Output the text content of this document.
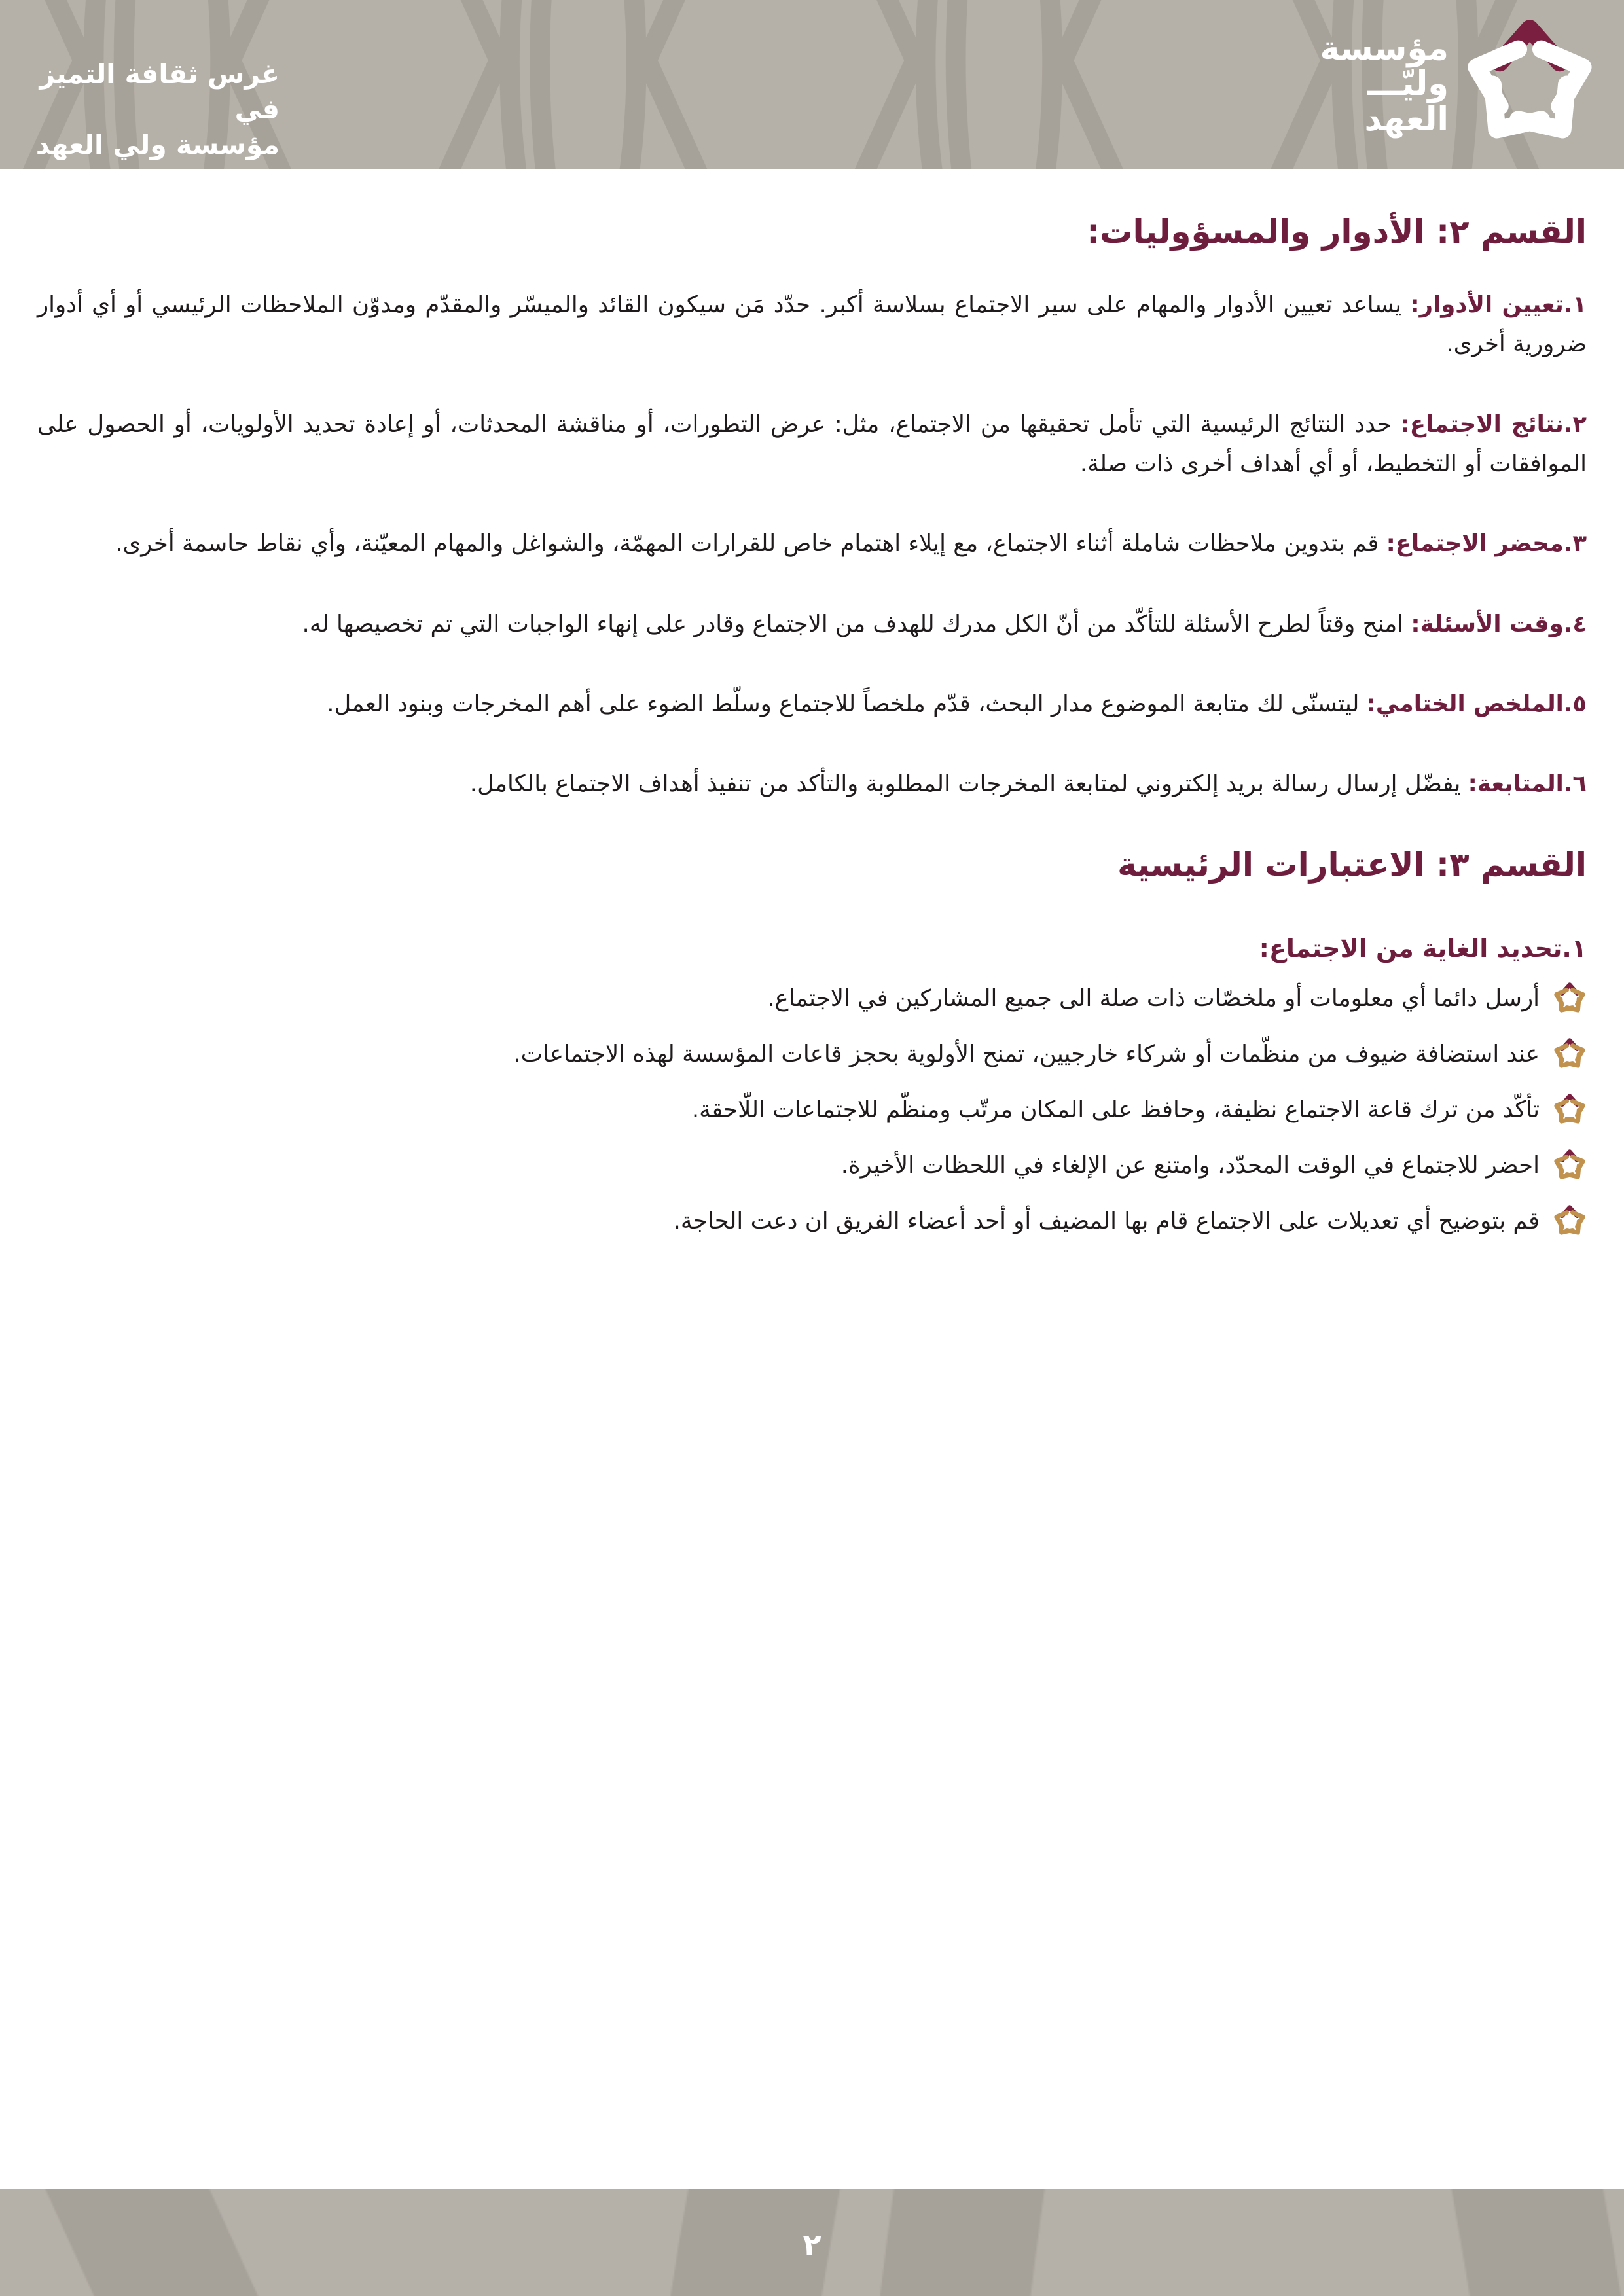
غرس ثقافة التميز في
مؤسسة ولي العهد
مؤسسة
وليّـــ
العهد
القسم ٢: الأدوار والمسؤوليات:

١.تعيين الأدوار: يساعد تعيين الأدوار والمهام على سير الاجتماع بسلاسة أكبر. حدّد مَن سيكون القائد والميسّر والمقدّم ومدوّن الملاحظات الرئيسي أو أي أدوار ضرورية أخرى.

٢.نتائج الاجتماع: حدد النتائج الرئيسية التي تأمل تحقيقها من الاجتماع، مثل: عرض التطورات، أو مناقشة المحدثات، أو إعادة تحديد الأولويات، أو الحصول على الموافقات أو التخطيط، أو أي أهداف أخرى ذات صلة.

٣.محضر الاجتماع: قم بتدوين ملاحظات شاملة أثناء الاجتماع، مع إيلاء اهتمام خاص للقرارات المهمّة، والشواغل والمهام المعيّنة، وأي نقاط حاسمة أخرى.

٤.وقت الأسئلة: امنح وقتاً لطرح الأسئلة للتأكّد من أنّ الكل مدرك للهدف من الاجتماع وقادر على إنهاء الواجبات التي تم تخصيصها له.

٥.الملخص الختامي: ليتسنّى لك متابعة الموضوع مدار البحث، قدّم ملخصاً للاجتماع وسلّط الضوء على أهم المخرجات وبنود العمل.

٦.المتابعة: يفضّل إرسال رسالة بريد إلكتروني لمتابعة المخرجات المطلوبة والتأكد من تنفيذ أهداف الاجتماع بالكامل.

القسم ٣: الاعتبارات الرئيسية
١.تحديد الغاية من الاجتماع:
أرسل دائما أي معلومات أو ملخصّات ذات صلة الى جميع المشاركين في الاجتماع.
عند استضافة ضيوف من منظّمات أو شركاء خارجيين، تمنح الأولوية بحجز قاعات المؤسسة لهذه الاجتماعات.
تأكّد من ترك قاعة الاجتماع نظيفة، وحافظ على المكان مرتّب ومنظّم للاجتماعات اللّاحقة.
احضر للاجتماع في الوقت المحدّد، وامتنع عن الإلغاء في اللحظات الأخيرة.
قم بتوضيح أي تعديلات على الاجتماع قام بها المضيف أو أحد أعضاء الفريق ان دعت الحاجة.
٢
